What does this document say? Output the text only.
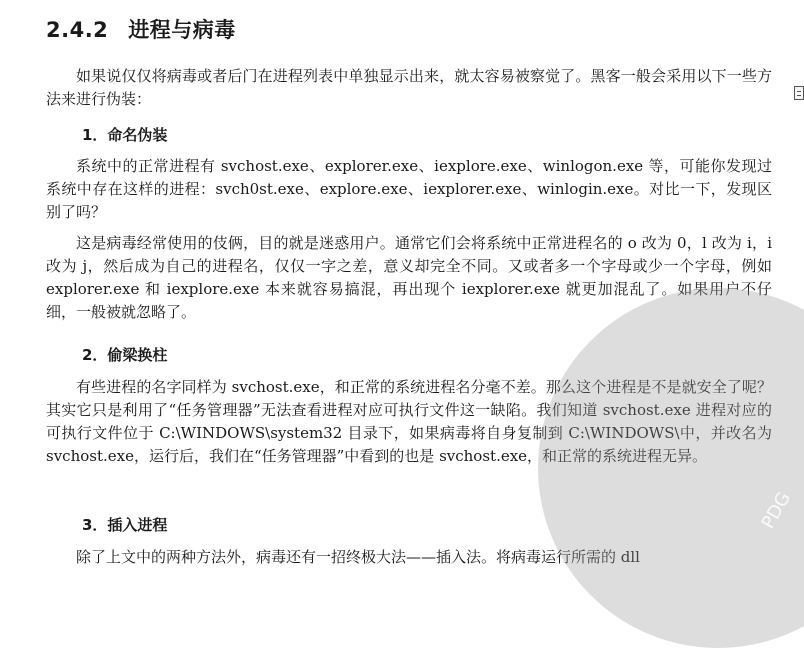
2.4.2 进程与病毒

如果说仅仅将病毒或者后门在进程列表中单独显示出来，就太容易被察觉了。黑客一般会采用以下一些方法来进行伪装：

1．命名伪装

系统中的正常进程有 svchost.exe、explorer.exe、iexplore.exe、winlogon.exe 等，可能你发现过系统中存在这样的进程：svch0st.exe、explore.exe、iexplorer.exe、winlogin.exe。对比一下，发现区别了吗？

这是病毒经常使用的伎俩，目的就是迷惑用户。通常它们会将系统中正常进程名的 o 改为 0，l 改为 i，i 改为 j，然后成为自己的进程名，仅仅一字之差，意义却完全不同。又或者多一个字母或少一个字母，例如 explorer.exe 和 iexplore.exe 本来就容易搞混，再出现个 iexplorer.exe 就更加混乱了。如果用户不仔细，一般被就忽略了。

2．偷梁换柱

有些进程的名字同样为 svchost.exe，和正常的系统进程名分毫不差。那么这个进程是不是就安全了呢？其实它只是利用了“任务管理器”无法查看进程对应可执行文件这一缺陷。我们知道 svchost.exe 进程对应的可执行文件位于 C:\WINDOWS\system32 目录下，如果病毒将自身复制到 C:\WINDOWS\中，并改名为 svchost.exe，运行后，我们在“任务管理器”中看到的也是 svchost.exe，和正常的系统进程无异。

3．插入进程

除了上文中的两种方法外，病毒还有一招终极大法——插入法。将病毒运行所需的 dll

PDG
